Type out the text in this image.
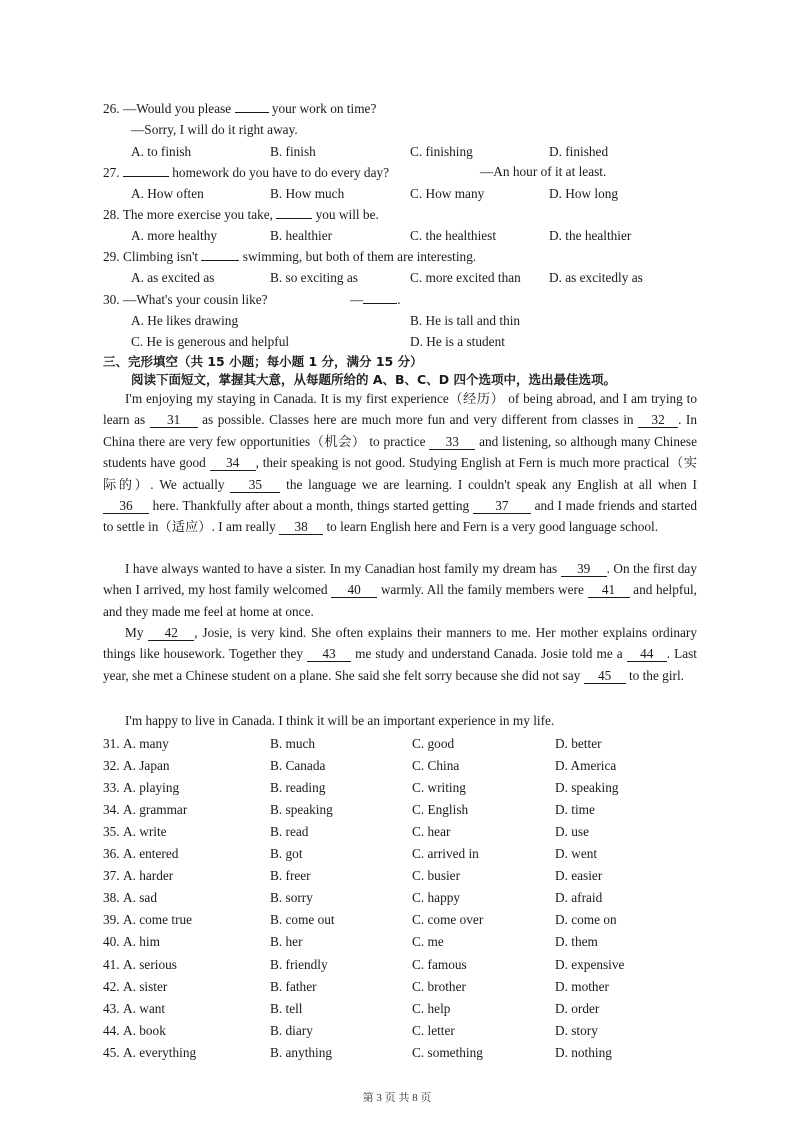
26. —Would you please	your work on time?
—Sorry, I will do it right away.
A. to finish	B. finish	C. finishing	D. finished
27.	homework do you have to do every day?	—An hour of it at least.
A. How often	B. How much	C. How many	D. How long
28. The more exercise you take,	you will be.
A. more healthy	B. healthier	C. the healthiest	D. the healthier
29. Climbing isn't	swimming, but both of them are interesting.
A. as excited as	B. so exciting as	C. more excited than D. as excitedly as
30. —What's your cousin like?	—	.
A. He likes drawing	B. He is tall and thin
C. He is generous and helpful	D. He is a student
三、完形填空（共 15 小题；每小题 1 分，满分 15 分）
阅读下面短文，掌握其大意，从每题所给的 A、B、C、D 四个选项中，选出最佳选项。
I'm enjoying my staying in Canada. It is my first experience（经历） of being abroad, and I am trying to learn as 31 as possible. Classes here are much more fun and very different from classes in 32 . In China there are very few opportunities（机会） to practice 33 and listening, so although many Chinese students have good 34 , their speaking is not good. Studying English at Fern is much more practical（实际的）. We actually 35 the language we are learning. I couldn't speak any English at all when I 36 here. Thankfully after about a month, things started getting 37 and I made friends and started to settle in（适应）. I am really 38 to learn English here and Fern is a very good language school.
I have always wanted to have a sister. In my Canadian host family my dream has 39 . On the first day when I arrived, my host family welcomed 40 warmly. All the family members were 41 and helpful, and they made me feel at home at once.
My 42 , Josie, is very kind. She often explains their manners to me. Her mother explains ordinary things like housework. Together they 43 me study and understand Canada. Josie told me a 44 . Last year, she met a Chinese student on a plane. She said she felt sorry because she did not say 45 to the girl.
I'm happy to live in Canada. I think it will be an important experience in my life.
31. A. many	B. much	C. good	D. better
32. A. Japan	B. Canada	C. China	D. America
33. A. playing	B. reading	C. writing	D. speaking
34. A. grammar	B. speaking	C. English	D. time
35. A. write	B. read	C. hear	D. use
36. A. entered	B. got	C. arrived in	D. went
37. A. harder	B. freer	C. busier	D. easier
38. A. sad	B. sorry	C. happy	D. afraid
39. A. come true	B. come out	C. come over	D. come on
40. A. him	B. her	C. me	D. them
41. A. serious	B. friendly	C. famous	D. expensive
42. A. sister	B. father	C. brother	D. mother
43. A. want	B. tell	C. help	D. order
44. A. book	B. diary	C. letter	D. story
45. A. everything	B. anything	C. something	D. nothing
第 3 页 共 8 页
